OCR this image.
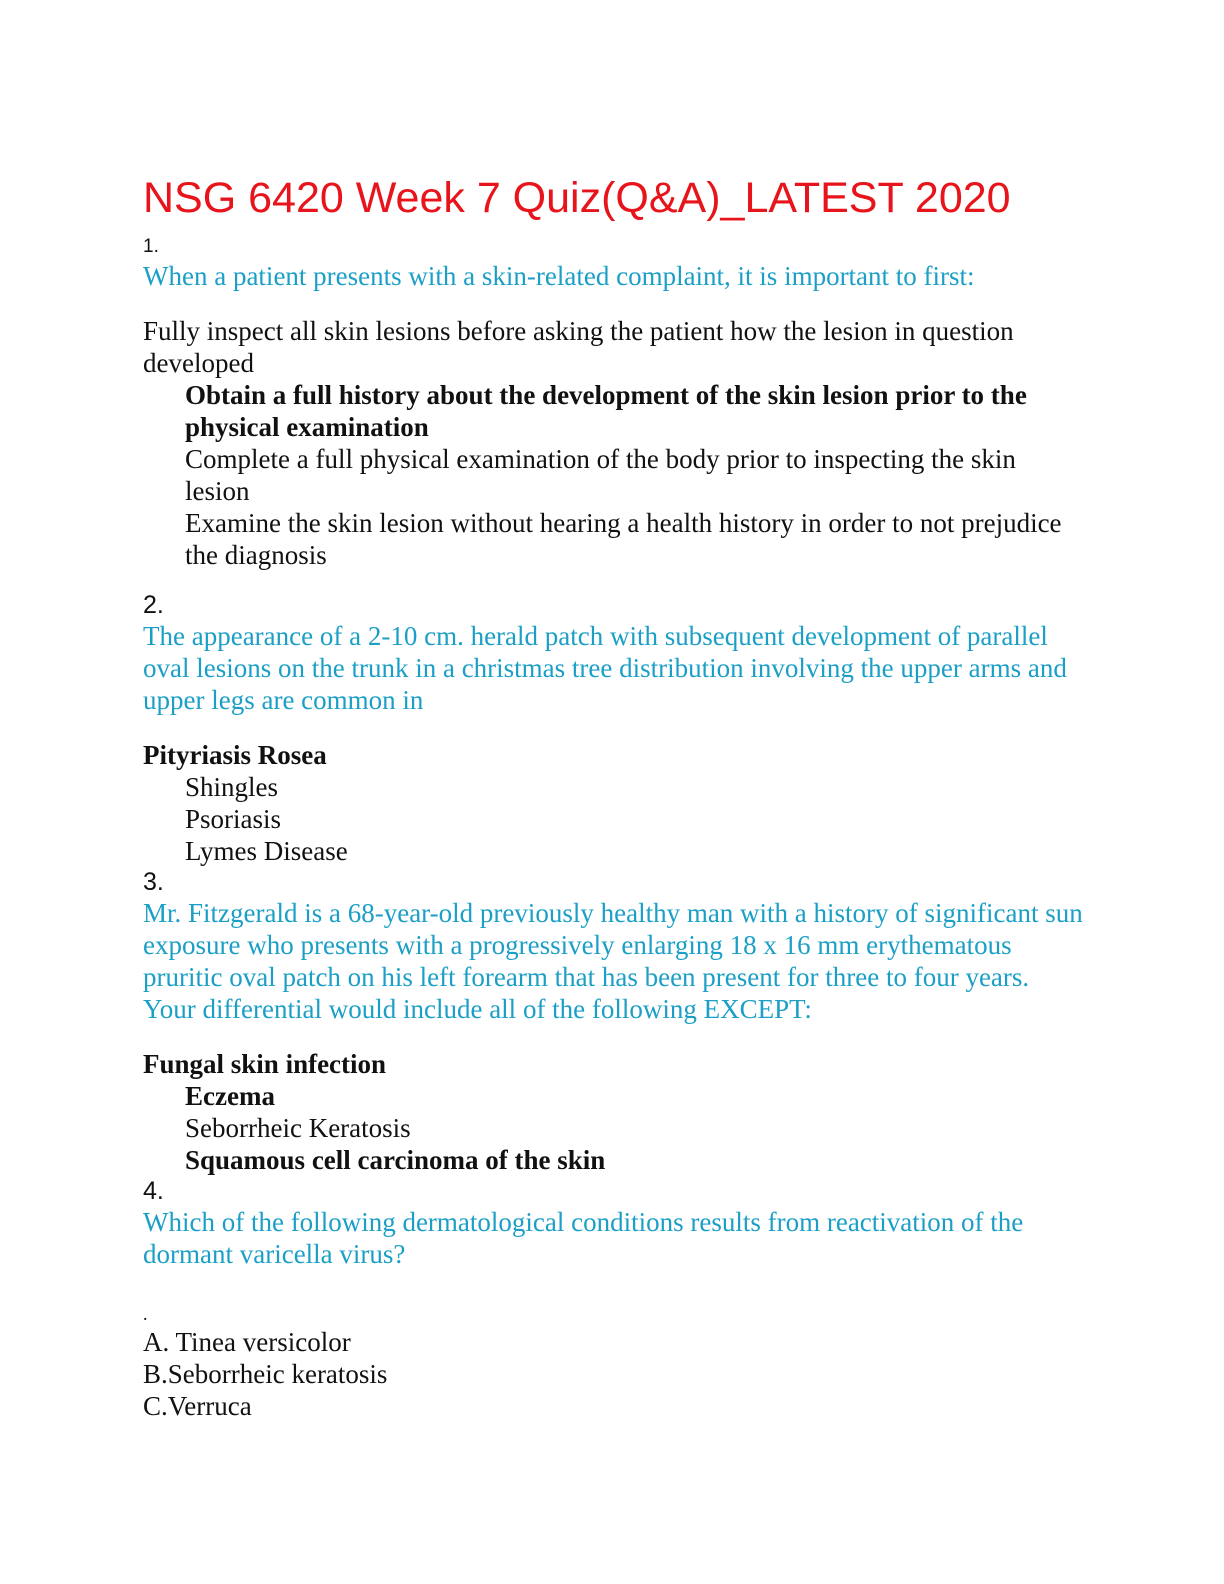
NSG 6420 Week 7 Quiz(Q&A)_LATEST 2020
1.
When a patient presents with a skin-related complaint, it is important to first:
Fully inspect all skin lesions before asking the patient how the lesion in question developed
Obtain a full history about the development of the skin lesion prior to the physical examination
Complete a full physical examination of the body prior to inspecting the skin lesion
Examine the skin lesion without hearing a health history in order to not prejudice the diagnosis
2.
The appearance of a 2-10 cm. herald patch with subsequent development of parallel oval lesions on the trunk in a christmas tree distribution involving the upper arms and upper legs are common in
Pityriasis Rosea
Shingles
Psoriasis
Lymes Disease
3.
Mr. Fitzgerald is a 68-year-old previously healthy man with a history of significant sun exposure who presents with a progressively enlarging 18 x 16 mm erythematous pruritic oval patch on his left forearm that has been present for three to four years. Your differential would include all of the following EXCEPT:
Fungal skin infection
Eczema
Seborrheic Keratosis
Squamous cell carcinoma of the skin
4.
Which of the following dermatological conditions results from reactivation of the dormant varicella virus?
.
A. Tinea versicolor
B.Seborrheic keratosis
C.Verruca
